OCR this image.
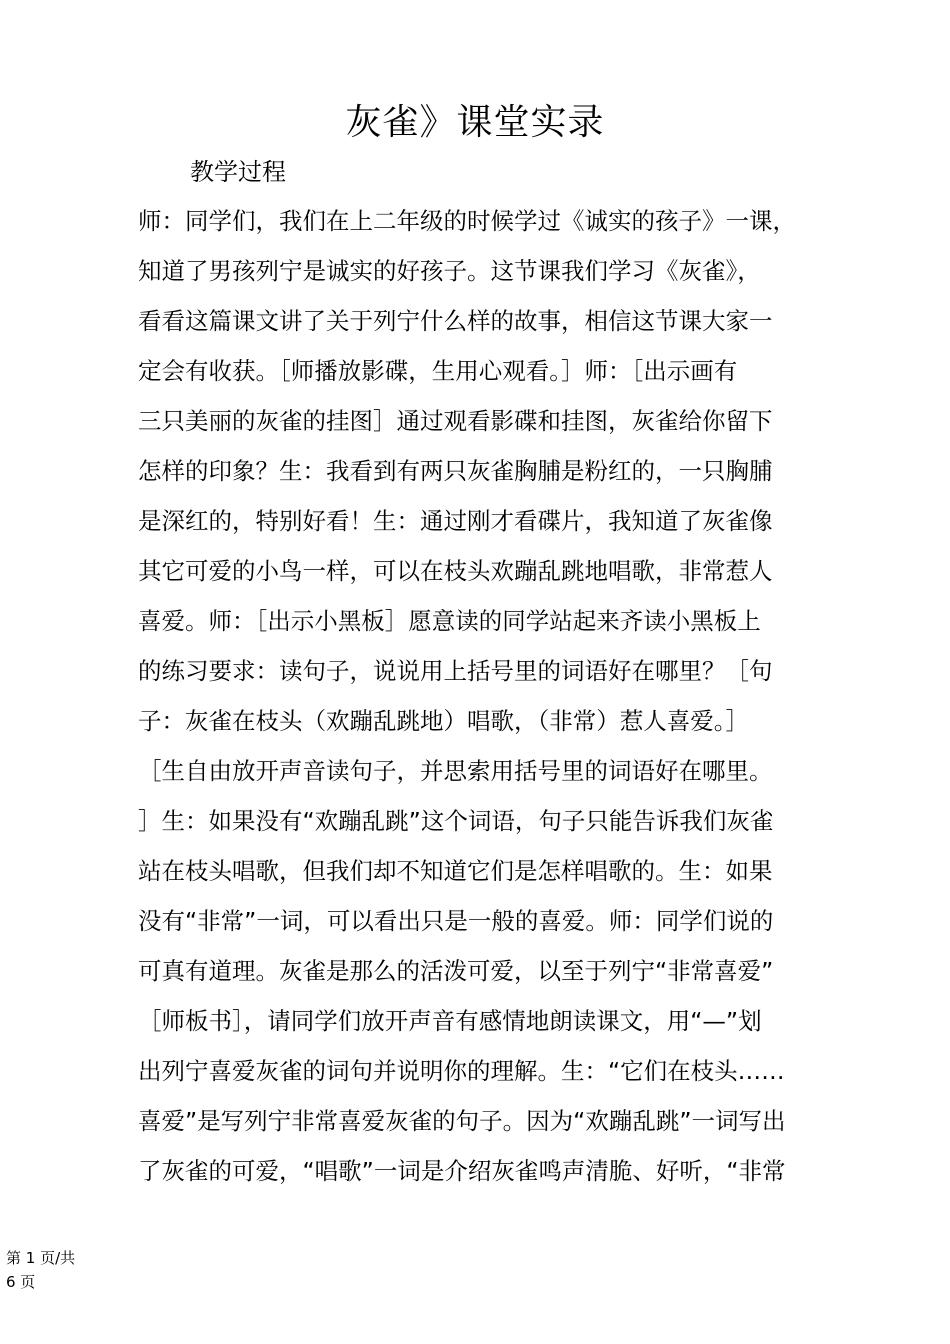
灰雀》课堂实录
教学过程
师：同学们，我们在上二年级的时候学过《诚实的孩子》一课，
知道了男孩列宁是诚实的好孩子。这节课我们学习《灰雀》，
看看这篇课文讲了关于列宁什么样的故事，相信这节课大家一
定会有收获。［师播放影碟，生用心观看。］师：［出示画有
三只美丽的灰雀的挂图］通过观看影碟和挂图，灰雀给你留下
怎样的印象？生：我看到有两只灰雀胸脯是粉红的，一只胸脯
是深红的，特别好看！生：通过刚才看碟片，我知道了灰雀像
其它可爱的小鸟一样，可以在枝头欢蹦乱跳地唱歌，非常惹人
喜爱。师：［出示小黑板］愿意读的同学站起来齐读小黑板上
的练习要求：读句子，说说用上括号里的词语好在哪里？［句
子：灰雀在枝头（欢蹦乱跳地）唱歌，（非常）惹人喜爱。］
［生自由放开声音读句子，并思索用括号里的词语好在哪里。
］生：如果没有“欢蹦乱跳”这个词语，句子只能告诉我们灰雀
站在枝头唱歌，但我们却不知道它们是怎样唱歌的。生：如果
没有“非常”一词，可以看出只是一般的喜爱。师：同学们说的
可真有道理。灰雀是那么的活泼可爱，以至于列宁“非常喜爱”
［师板书］，请同学们放开声音有感情地朗读课文，用“—”划
出列宁喜爱灰雀的词句并说明你的理解。生：“它们在枝头……
喜爱”是写列宁非常喜爱灰雀的句子。因为“欢蹦乱跳”一词写出
了灰雀的可爱，“唱歌”一词是介绍灰雀鸣声清脆、好听，“非常
第 1 页/共
6 页
